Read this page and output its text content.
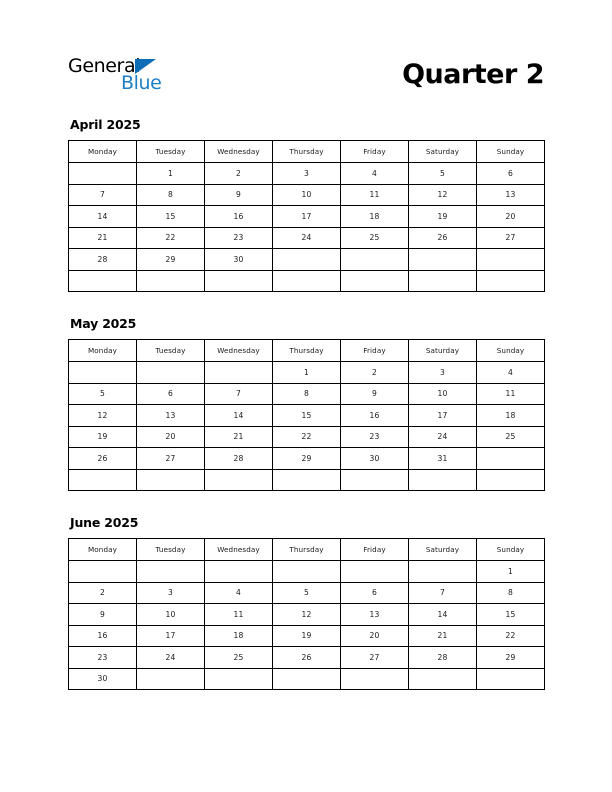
General
Blue	Quarter 2
April 2025
Monday	Tuesday	Wednesday	Thursday	Friday	Saturday	Sunday
	1	2	3	4	5	6
7	8	9	10	11	12	13
14	15	16	17	18	19	20
21	22	23	24	25	26	27
28	29	30				

May 2025
Monday	Tuesday	Wednesday	Thursday	Friday	Saturday	Sunday
			1	2	3	4
5	6	7	8	9	10	11
12	13	14	15	16	17	18
19	20	21	22	23	24	25
26	27	28	29	30	31	

June 2025
Monday	Tuesday	Wednesday	Thursday	Friday	Saturday	Sunday
						1
2	3	4	5	6	7	8
9	10	11	12	13	14	15
16	17	18	19	20	21	22
23	24	25	26	27	28	29
30						
